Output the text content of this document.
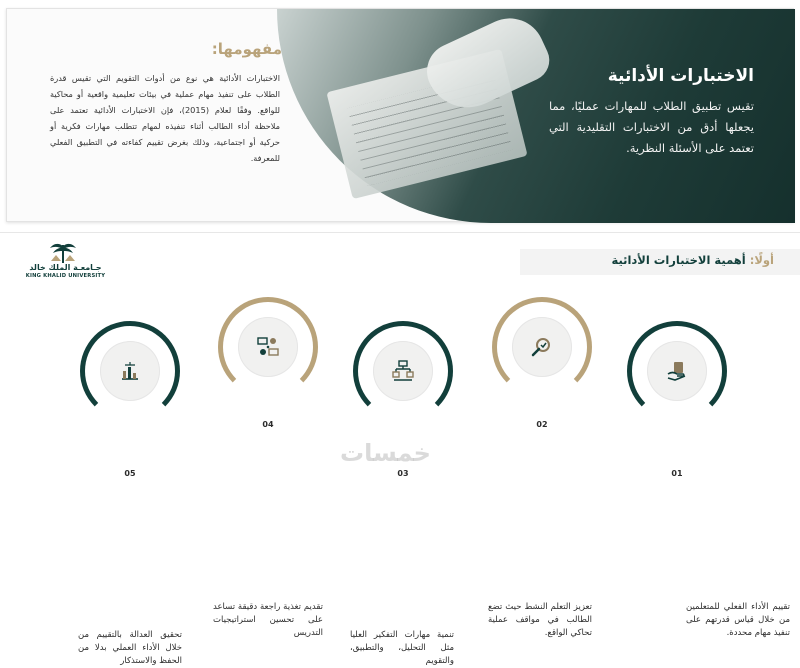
الاختبارات الأدائية

تقيس تطبيق الطلاب للمهارات عمليًا، مما يجعلها أدق من الاختبارات التقليدية التي تعتمد على الأسئلة النظرية.

مفهومها:

الاختبارات الأدائية هي نوع من أدوات التقويم التي تقيس قدرة الطلاب على تنفيذ مهام عملية في بيئات تعليمية واقعية أو محاكية للواقع. وفقًا لعلام (2015)، فإن الاختبارات الأدائية تعتمد على ملاحظة أداء الطالب أثناء تنفيذه لمهام تتطلب مهارات فكرية أو حركية أو اجتماعية، وذلك بغرض تقييم كفاءته في التطبيق الفعلي للمعرفة.

جـامعـة الملك خالد
KING KHALID UNIVERSITY
أولًا: أهمية الاختبارات الأدائية
01

تقييم الأداء الفعلي للمتعلمين من خلال قياس قدرتهم على تنفيذ مهام محددة.

02

تعزيز التعلم النشط حيث تضع الطالب في مواقف عملية تحاكي الواقع.

03

تنمية مهارات التفكير العليا مثل التحليل، والتطبيق، والتقويم

04

تقديم تغذية راجعة دقيقة تساعد على تحسين استراتيجيات التدريس

05

تحقيق العدالة بالتقييم من خلال الأداء العملي بدلا من الحفظ والاستذكار

خمسات
